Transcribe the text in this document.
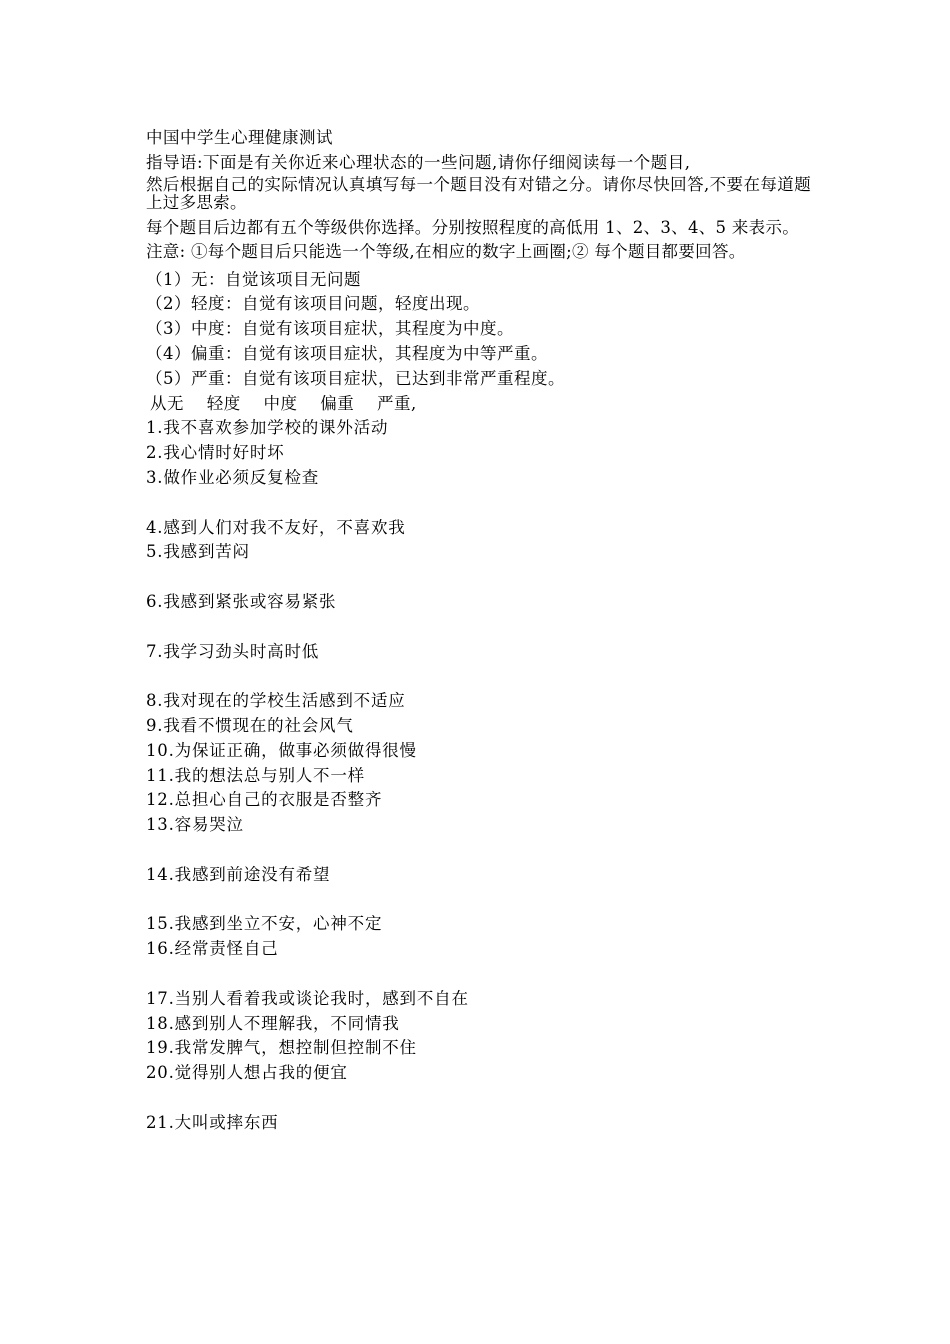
中国中学生心理健康测试
指导语:下面是有关你近来心理状态的一些问题,请你仔细阅读每一个题目,
然后根据自己的实际情况认真填写每一个题目没有对错之分。请你尽快回答,不要在每道题上过多思索。
每个题目后边都有五个等级供你选择。分别按照程度的高低用 1、2、3、4、5 来表示。
注意: ①每个题目后只能选一个等级,在相应的数字上画圈;② 每个题目都要回答。
（1）无：自觉该项目无问题
（2）轻度：自觉有该项目问题，轻度出现。
（3）中度：自觉有该项目症状，其程度为中度。
（4）偏重：自觉有该项目症状，其程度为中等严重。
（5）严重：自觉有该项目症状，已达到非常严重程度。
从无　 轻度　 中度　 偏重　 严重,
1.我不喜欢参加学校的课外活动
2.我心情时好时坏
3.做作业必须反复检查
4.感到人们对我不友好，不喜欢我
5.我感到苦闷
6.我感到紧张或容易紧张
7.我学习劲头时高时低
8.我对现在的学校生活感到不适应
9.我看不惯现在的社会风气
10.为保证正确，做事必须做得很慢
11.我的想法总与别人不一样
12.总担心自己的衣服是否整齐
13.容易哭泣
14.我感到前途没有希望
15.我感到坐立不安，心神不定
16.经常责怪自己
17.当别人看着我或谈论我时，感到不自在
18.感到别人不理解我，不同情我
19.我常发脾气，想控制但控制不住
20.觉得别人想占我的便宜
21.大叫或摔东西
